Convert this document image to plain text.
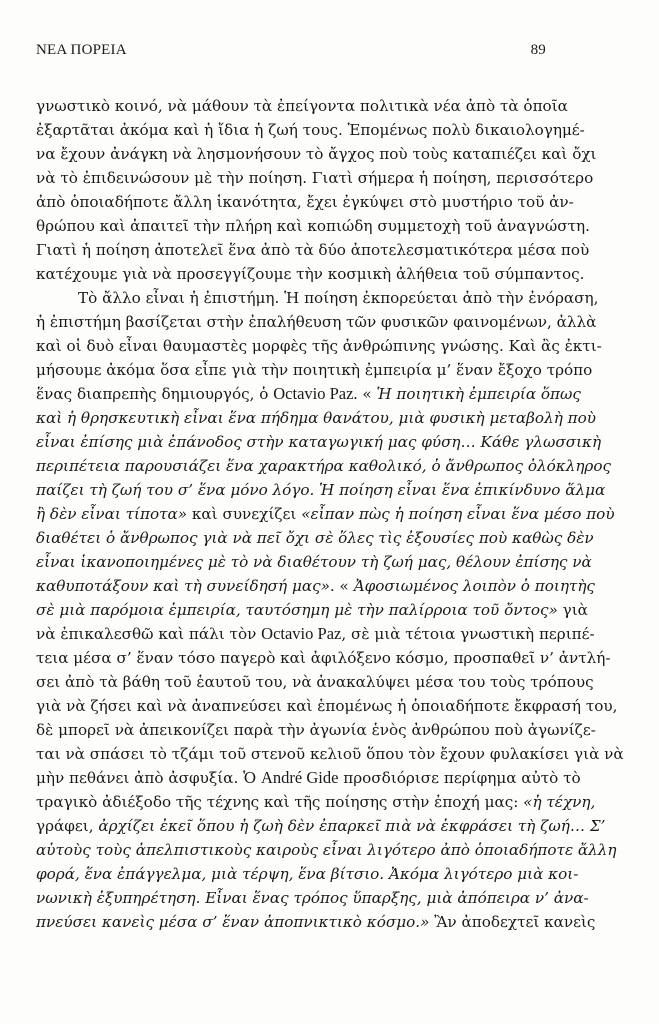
ΝΕΑ ΠΟΡΕΙΑ	89
γνωστικὸ κοινό, νὰ μάθουν τὰ ἐπείγοντα πολιτικὰ νέα ἀπὸ τὰ ὁποῖα
ἐξαρτᾶται ἀκόμα καὶ ἡ ἴδια ἡ ζωή τους. Ἑπομένως πολὺ δικαιολογημέ-
να ἔχουν ἀνάγκη νὰ λησμονήσουν τὸ ἄγχος ποὺ τοὺς καταπιέζει καὶ ὄχι
νὰ τὸ ἐπιδεινώσουν μὲ τὴν ποίηση. Γιατὶ σήμερα ἡ ποίηση, περισσότερο
ἀπὸ ὁποιαδήποτε ἄλλη ἱκανότητα, ἔχει ἐγκύψει στὸ μυστήριο τοῦ ἀν-
θρώπου καὶ ἀπαιτεῖ τὴν πλήρη καὶ κοπιώδη συμμετοχὴ τοῦ ἀναγνώστη.
Γιατὶ ἡ ποίηση ἀποτελεῖ ἕνα ἀπὸ τὰ δύο ἀποτελεσματικότερα μέσα ποὺ
κατέχουμε γιὰ νὰ προσεγγίζουμε τὴν κοσμικὴ ἀλήθεια τοῦ σύμπαντος.
Τὸ ἄλλο εἶναι ἡ ἐπιστήμη. Ἡ ποίηση ἐκπορεύεται ἀπὸ τὴν ἐνόραση,
ἡ ἐπιστήμη βασίζεται στὴν ἐπαλήθευση τῶν φυσικῶν φαινομένων, ἀλλὰ
καὶ οἱ δυὸ εἶναι θαυμαστὲς μορφὲς τῆς ἀνθρώπινης γνώσης. Καὶ ἂς ἐκτι-
μήσουμε ἀκόμα ὅσα εἶπε γιὰ τὴν ποιητικὴ ἐμπειρία μ’ ἕναν ἔξοχο τρόπο
ἕνας διαπρεπὴς δημιουργός, ὁ Octavio Paz. « Ἡ ποιητικὴ ἐμπειρία ὅπως
καὶ ἡ θρησκευτικὴ εἶναι ἕνα πήδημα θανάτου, μιὰ φυσικὴ μεταβολὴ ποὺ
εἶναι ἐπίσης μιὰ ἐπάνοδος στὴν καταγωγική μας φύση… Κάθε γλωσσικὴ
περιπέτεια παρουσιάζει ἕνα χαρακτήρα καθολικό, ὁ ἄνθρωπος ὁλόκληρος
παίζει τὴ ζωή του σ’ ἕνα μόνο λόγο. Ἡ ποίηση εἶναι ἕνα ἐπικίνδυνο ἅλμα
ἢ δὲν εἶναι τίποτα» καὶ συνεχίζει «εἶπαν πὼς ἡ ποίηση εἶναι ἕνα μέσο ποὺ
διαθέτει ὁ ἄνθρωπος γιὰ νὰ πεῖ ὄχι σὲ ὅλες τὶς ἐξουσίες ποὺ καθὼς δὲν
εἶναι ἱκανοποιημένες μὲ τὸ νὰ διαθέτουν τὴ ζωή μας, θέλουν ἐπίσης νὰ
καθυποτάξουν καὶ τὴ συνείδησή μας». « Ἀφοσιωμένος λοιπὸν ὁ ποιητὴς
σὲ μιὰ παρόμοια ἐμπειρία, ταυτόσημη μὲ τὴν παλίρροια τοῦ ὄντος» γιὰ
νὰ ἐπικαλεσθῶ καὶ πάλι τὸν Octavio Paz, σὲ μιὰ τέτοια γνωστικὴ περιπέ-
τεια μέσα σ’ ἕναν τόσο παγερὸ καὶ ἀφιλόξενο κόσμο, προσπαθεῖ ν’ ἀντλή-
σει ἀπὸ τὰ βάθη τοῦ ἑαυτοῦ του, νὰ ἀνακαλύψει μέσα του τοὺς τρόπους
γιὰ νὰ ζήσει καὶ νὰ ἀναπνεύσει καὶ ἑπομένως ἡ ὁποιαδήποτε ἔκφρασή του,
δὲ μπορεῖ νὰ ἀπεικονίζει παρὰ τὴν ἀγωνία ἑνὸς ἀνθρώπου ποὺ ἀγωνίζε-
ται νὰ σπάσει τὸ τζάμι τοῦ στενοῦ κελιοῦ ὅπου τὸν ἔχουν φυλακίσει γιὰ νὰ
μὴν πεθάνει ἀπὸ ἀσφυξία. Ὁ André Gide προσδιόρισε περίφημα αὐτὸ τὸ
τραγικὸ ἀδιέξοδο τῆς τέχνης καὶ τῆς ποίησης στὴν ἐποχή μας: «ἡ τέχνη,
γράφει, ἀρχίζει ἐκεῖ ὅπου ἡ ζωὴ δὲν ἐπαρκεῖ πιὰ νὰ ἐκφράσει τὴ ζωή… Σ’
αὐτοὺς τοὺς ἀπελπιστικοὺς καιροὺς εἶναι λιγότερο ἀπὸ ὁποιαδήποτε ἄλλη
φορά, ἕνα ἐπάγγελμα, μιὰ τέρψη, ἕνα βίτσιο. Ἀκόμα λιγότερο μιὰ κοι-
νωνικὴ ἐξυπηρέτηση. Εἶναι ἕνας τρόπος ὕπαρξης, μιὰ ἀπόπειρα ν’ ἀνα-
πνεύσει κανεὶς μέσα σ’ ἕναν ἀποπνικτικὸ κόσμο.» Ἂν ἀποδεχτεῖ κανεὶς
